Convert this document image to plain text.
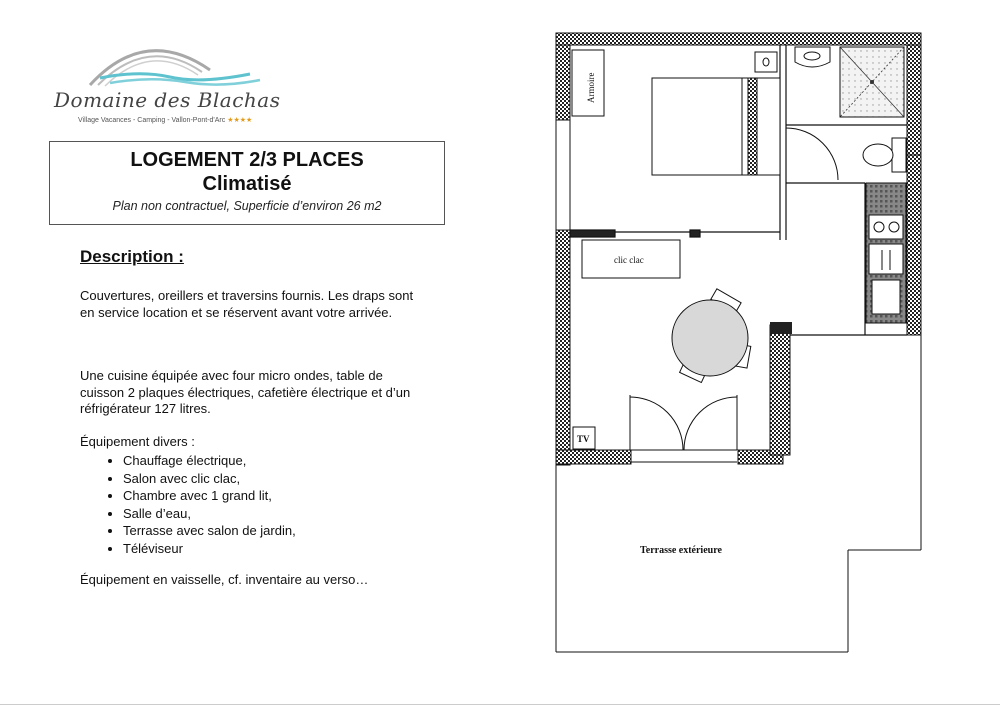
Domaine des Blachas
Village Vacances - Camping - Vallon-Pont-d'Arc ★★★★
LOGEMENT 2/3 PLACES
Climatisé
Plan non contractuel, Superficie d’environ 26 m2
Description :

Couvertures, oreillers et traversins fournis. Les draps sont en service location et se réservent avant votre arrivée.

Une cuisine équipée avec four micro ondes, table de cuisson 2 plaques électriques, cafetière électrique et d’un réfrigérateur 127 litres.

Équipement divers :

• Chauffage électrique,
• Salon avec clic clac,
• Chambre avec 1 grand lit,
• Salle d’eau,
• Terrasse avec salon de jardin,
• Téléviseur

Équipement en vaisselle, cf. inventaire au verso…

Armoire
clic clac
TV
Terrasse extérieure
